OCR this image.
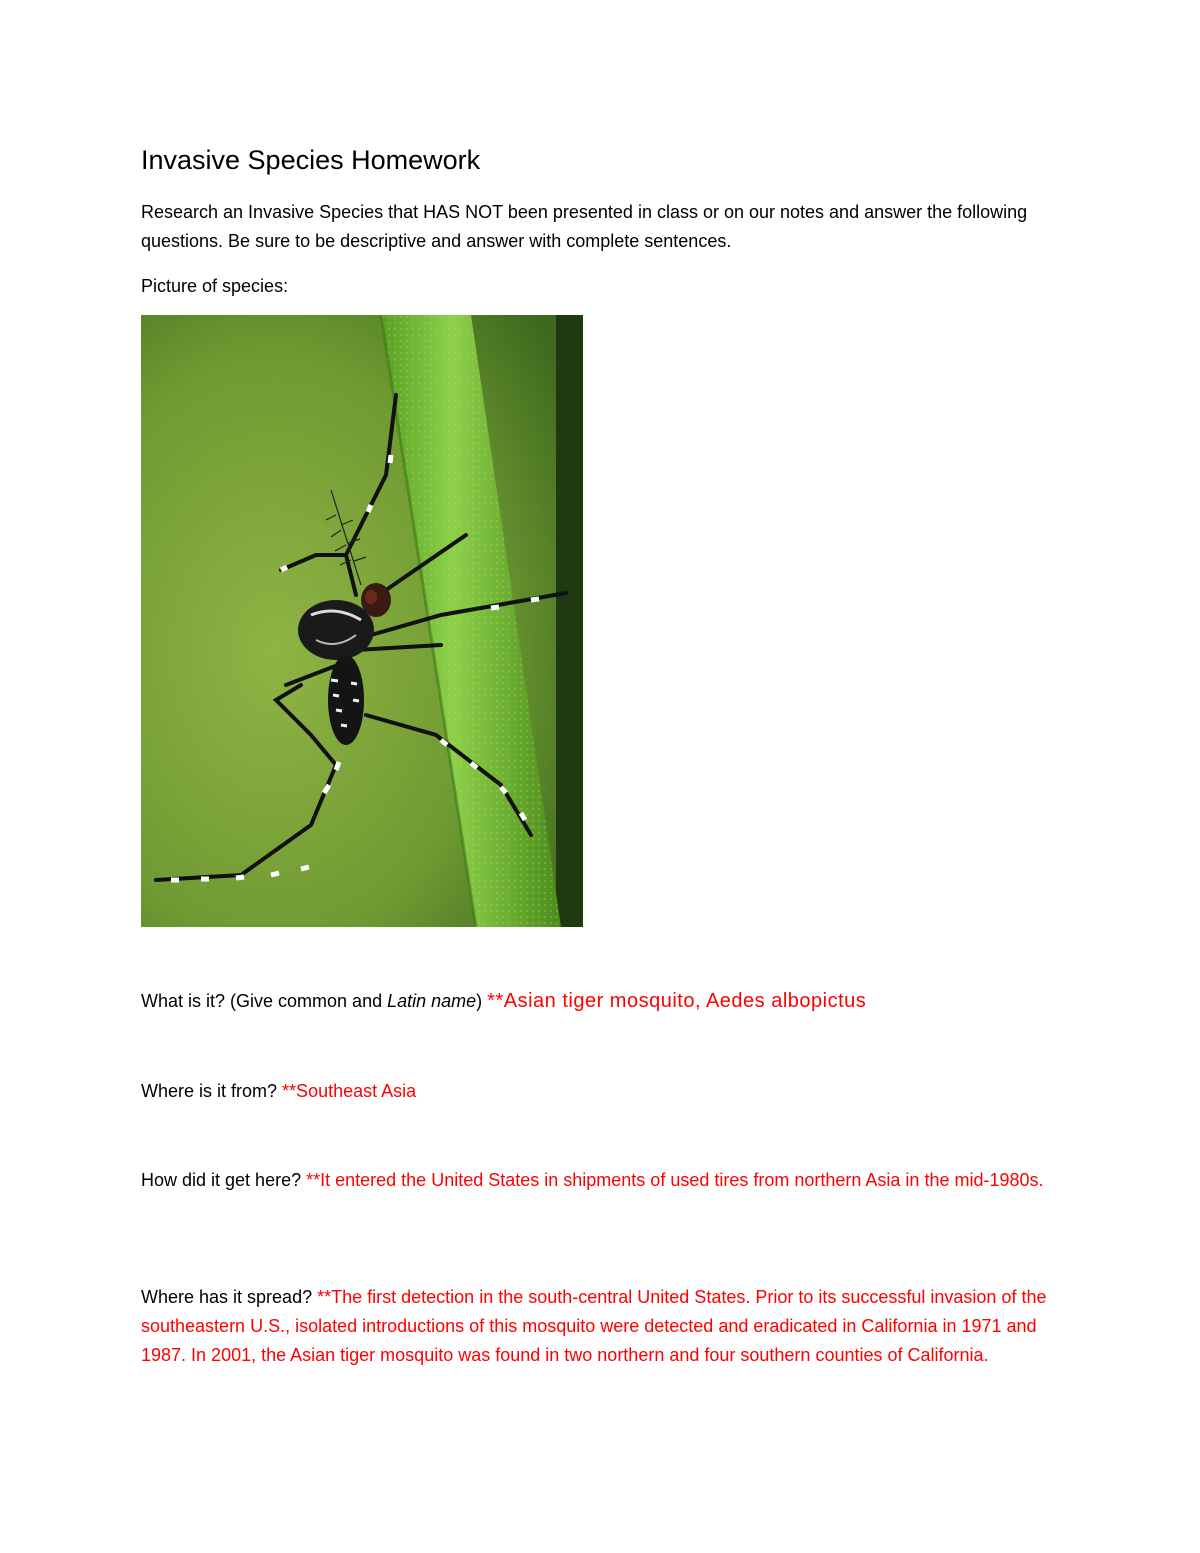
Invasive Species Homework
Research an Invasive Species that HAS NOT been presented in class or on our notes and answer the following questions. Be sure to be descriptive and answer with complete sentences.
Picture of species:
What is it? (Give common and Latin name) **Asian tiger mosquito, Aedes albopictus
Where is it from? **Southeast Asia
How did it get here? **It entered the United States in shipments of used tires from northern Asia in the mid-1980s.
Where has it spread? **The first detection in the south-central United States. Prior to its successful invasion of the southeastern U.S., isolated introductions of this mosquito were detected and eradicated in California in 1971 and 1987. In 2001, the Asian tiger mosquito was found in two northern and four southern counties of California.
